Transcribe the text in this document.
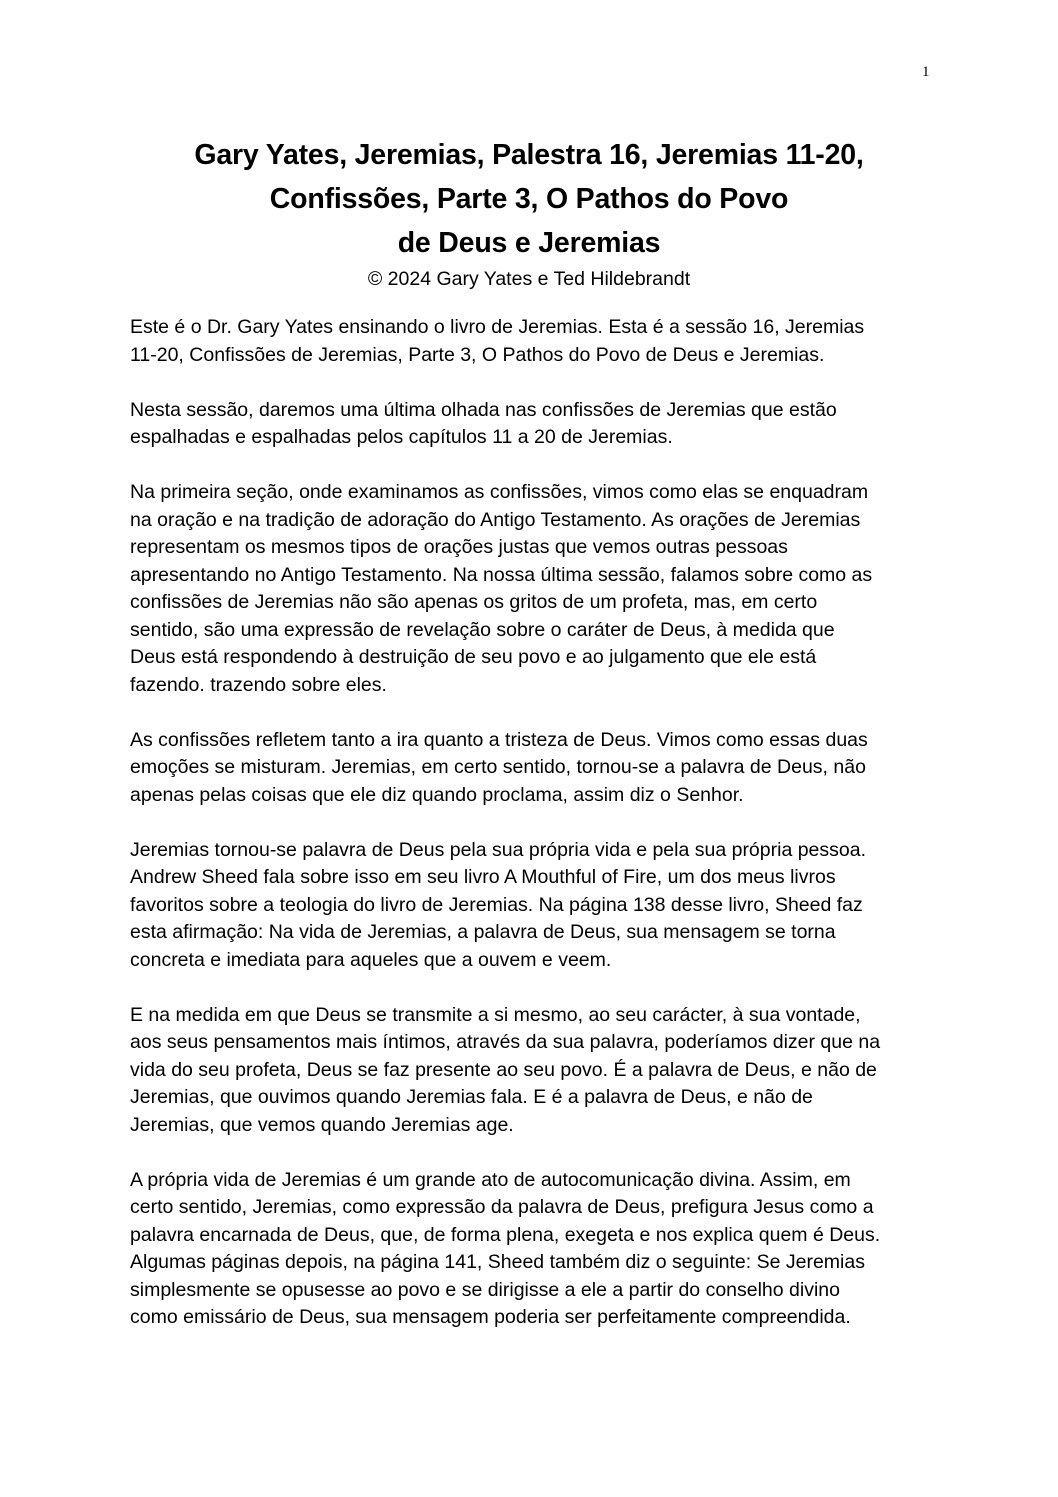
1
Gary Yates, Jeremias, Palestra 16, Jeremias 11-20,
Confissões, Parte 3, O Pathos do Povo
de Deus e Jeremias
© 2024 Gary Yates e Ted Hildebrandt
Este é o Dr. Gary Yates ensinando o livro de Jeremias. Esta é a sessão 16, Jeremias
11-20, Confissões de Jeremias, Parte 3, O Pathos do Povo de Deus e Jeremias.
Nesta sessão, daremos uma última olhada nas confissões de Jeremias que estão
espalhadas e espalhadas pelos capítulos 11 a 20 de Jeremias.
Na primeira seção, onde examinamos as confissões, vimos como elas se enquadram
na oração e na tradição de adoração do Antigo Testamento. As orações de Jeremias
representam os mesmos tipos de orações justas que vemos outras pessoas
apresentando no Antigo Testamento. Na nossa última sessão, falamos sobre como as
confissões de Jeremias não são apenas os gritos de um profeta, mas, em certo
sentido, são uma expressão de revelação sobre o caráter de Deus, à medida que
Deus está respondendo à destruição de seu povo e ao julgamento que ele está
fazendo. trazendo sobre eles.
As confissões refletem tanto a ira quanto a tristeza de Deus. Vimos como essas duas
emoções se misturam. Jeremias, em certo sentido, tornou-se a palavra de Deus, não
apenas pelas coisas que ele diz quando proclama, assim diz o Senhor.
Jeremias tornou-se palavra de Deus pela sua própria vida e pela sua própria pessoa.
Andrew Sheed fala sobre isso em seu livro A Mouthful of Fire, um dos meus livros
favoritos sobre a teologia do livro de Jeremias. Na página 138 desse livro, Sheed faz
esta afirmação: Na vida de Jeremias, a palavra de Deus, sua mensagem se torna
concreta e imediata para aqueles que a ouvem e veem.
E na medida em que Deus se transmite a si mesmo, ao seu carácter, à sua vontade,
aos seus pensamentos mais íntimos, através da sua palavra, poderíamos dizer que na
vida do seu profeta, Deus se faz presente ao seu povo. É a palavra de Deus, e não de
Jeremias, que ouvimos quando Jeremias fala. E é a palavra de Deus, e não de
Jeremias, que vemos quando Jeremias age.
A própria vida de Jeremias é um grande ato de autocomunicação divina. Assim, em
certo sentido, Jeremias, como expressão da palavra de Deus, prefigura Jesus como a
palavra encarnada de Deus, que, de forma plena, exegeta e nos explica quem é Deus.
Algumas páginas depois, na página 141, Sheed também diz o seguinte: Se Jeremias
simplesmente se opusesse ao povo e se dirigisse a ele a partir do conselho divino
como emissário de Deus, sua mensagem poderia ser perfeitamente compreendida.
